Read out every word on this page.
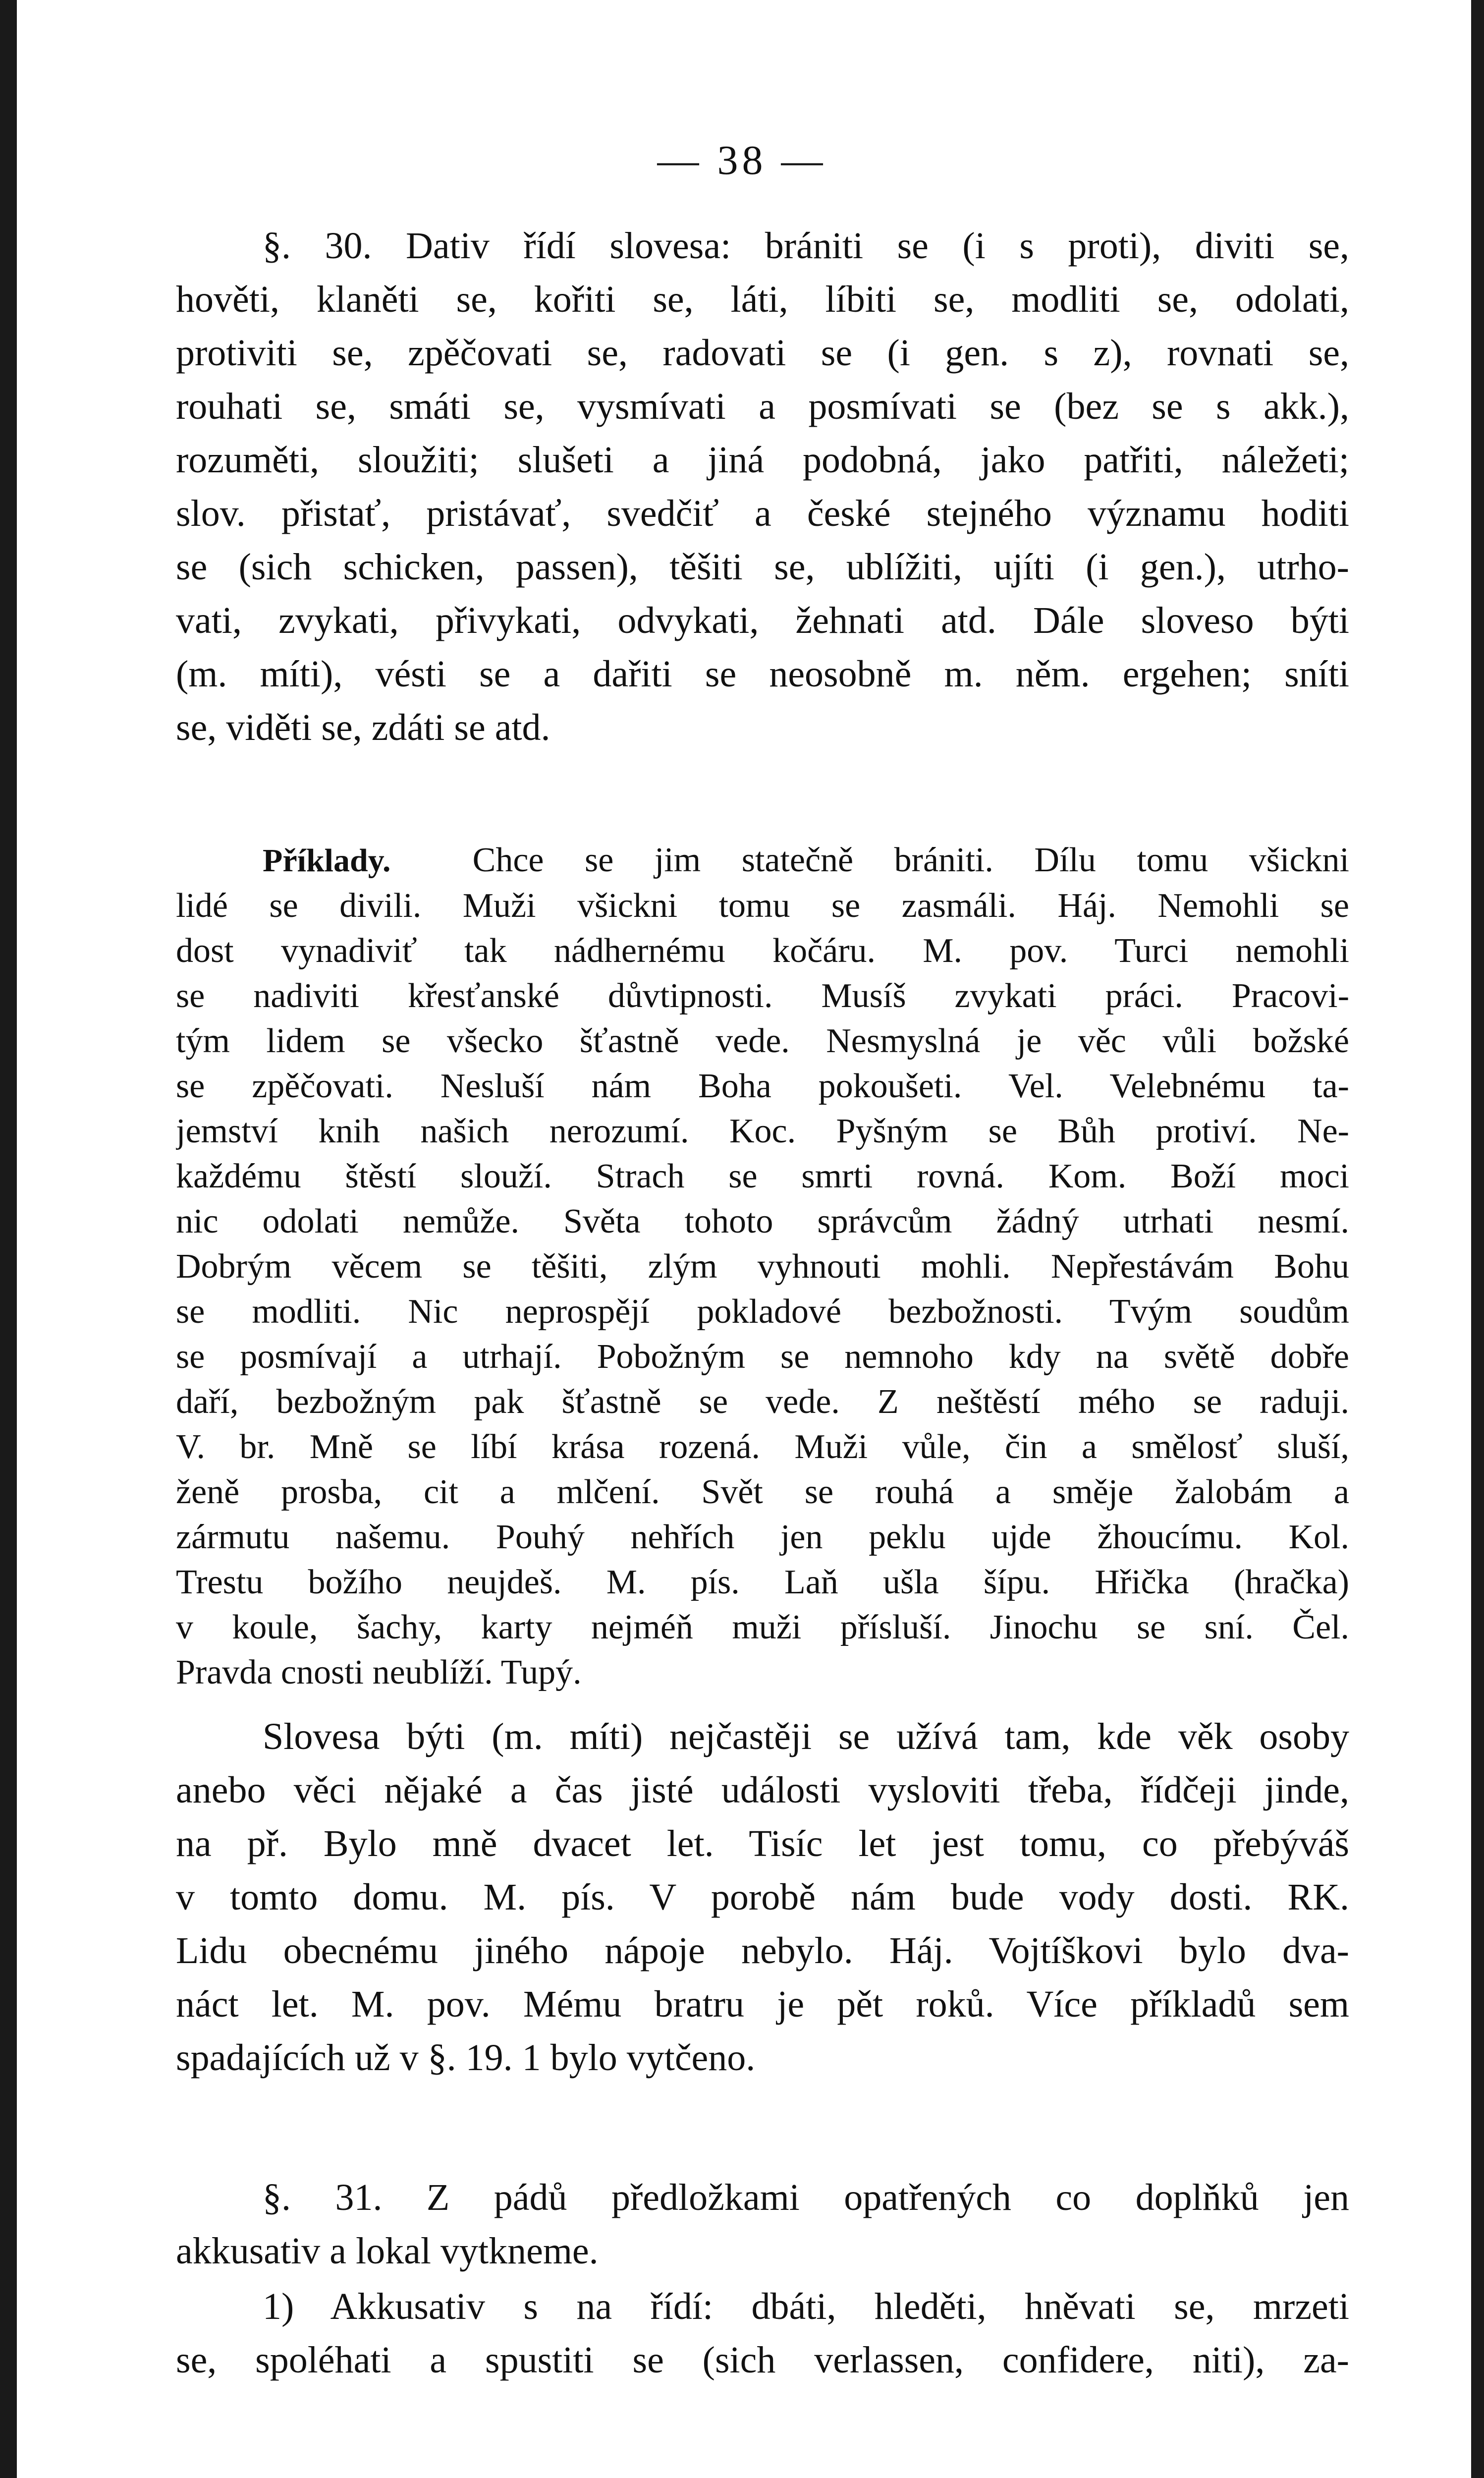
— 38 —
§. 30. Dativ řídí slovesa: brániti se (i s proti), diviti se,
hověti, klaněti se, kořiti se, láti, líbiti se, modliti se, odolati,
protiviti se, zpěčovati se, radovati se (i gen. s z), rovnati se,
rouhati se, smáti se, vysmívati a posmívati se (bez se s akk.),
rozuměti, sloužiti; slušeti a jiná podobná, jako patřiti, náležeti;
slov. přistať, pristávať, svedčiť a české stejného významu hoditi
se (sich schicken, passen), těšiti se, ublížiti, ujíti (i gen.), utrho-
vati, zvykati, přivykati, odvykati, žehnati atd. Dále sloveso býti
(m. míti), vésti se a dařiti se neosobně m. něm. ergehen; sníti
se, viděti se, zdáti se atd.
Příklady. Chce se jim statečně brániti. Dílu tomu všickni
lidé se divili. Muži všickni tomu se zasmáli. Háj. Nemohli se
dost vynadiviť tak nádhernému kočáru. M. pov. Turci nemohli
se nadiviti křesťanské důvtipnosti. Musíš zvykati práci. Pracovi-
tým lidem se všecko šťastně vede. Nesmyslná je věc vůli božské
se zpěčovati. Nesluší nám Boha pokoušeti. Vel. Velebnému ta-
jemství knih našich nerozumí. Koc. Pyšným se Bůh protiví. Ne-
každému štěstí slouží. Strach se smrti rovná. Kom. Boží moci
nic odolati nemůže. Světa tohoto správcům žádný utrhati nesmí.
Dobrým věcem se těšiti, zlým vyhnouti mohli. Nepřestávám Bohu
se modliti. Nic neprospějí pokladové bezbožnosti. Tvým soudům
se posmívají a utrhají. Pobožným se nemnoho kdy na světě dobře
daří, bezbožným pak šťastně se vede. Z neštěstí mého se raduji.
V. br. Mně se líbí krása rozená. Muži vůle, čin a smělosť sluší,
ženě prosba, cit a mlčení. Svět se rouhá a směje žalobám a
zármutu našemu. Pouhý nehřích jen peklu ujde žhoucímu. Kol.
Trestu božího neujdeš. M. pís. Laň ušla šípu. Hřička (hračka)
v koule, šachy, karty nejméň muži přísluší. Jinochu se sní. Čel.
Pravda cnosti neublíží. Tupý.
Slovesa býti (m. míti) nejčastěji se užívá tam, kde věk osoby
anebo věci nějaké a čas jisté události vysloviti třeba, řídčeji jinde,
na př. Bylo mně dvacet let. Tisíc let jest tomu, co přebýváš
v tomto domu. M. pís. V porobě nám bude vody dosti. RK.
Lidu obecnému jiného nápoje nebylo. Háj. Vojtíškovi bylo dva-
náct let. M. pov. Mému bratru je pět roků. Více příkladů sem
spadajících už v §. 19. 1 bylo vytčeno.
§. 31. Z pádů předložkami opatřených co doplňků jen
akkusativ a lokal vytkneme.
1) Akkusativ s na řídí: dbáti, hleděti, hněvati se, mrzeti
se, spoléhati a spustiti se (sich verlassen, confidere, niti), za-
